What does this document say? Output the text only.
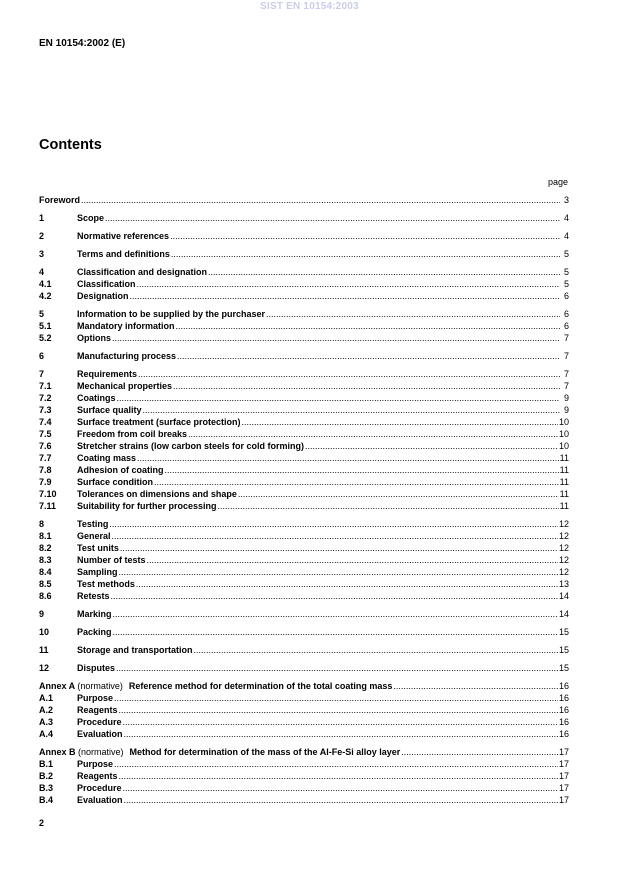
SIST EN 10154:2003
EN 10154:2002 (E)
Contents
page
Foreword .....	3
1	Scope .....	4
2	Normative references .....	4
3	Terms and definitions .....	5
4	Classification and designation .....	5
4.1	Classification .....	5
4.2	Designation .....	6
5	Information to be supplied by the purchaser .....	6
5.1	Mandatory information .....	6
5.2	Options .....	7
6	Manufacturing process .....	7
7	Requirements .....	7
7.1	Mechanical properties .....	7
7.2	Coatings .....	9
7.3	Surface quality .....	9
7.4	Surface treatment (surface protection) .....	10
7.5	Freedom from coil breaks .....	10
7.6	Stretcher strains (low carbon steels for cold forming) .....	10
7.7	Coating mass .....	11
7.8	Adhesion of coating .....	11
7.9	Surface condition .....	11
7.10	Tolerances on dimensions and shape .....	11
7.11	Suitability for further processing .....	11
8	Testing .....	12
8.1	General .....	12
8.2	Test units .....	12
8.3	Number of tests .....	12
8.4	Sampling .....	12
8.5	Test methods .....	13
8.6	Retests .....	14
9	Marking .....	14
10	Packing .....	15
11	Storage and transportation .....	15
12	Disputes .....	15
Annex A (normative) Reference method for determination of the total coating mass .....	16
A.1	Purpose .....	16
A.2	Reagents .....	16
A.3	Procedure .....	16
A.4	Evaluation .....	16
Annex B (normative) Method for determination of the mass of the Al-Fe-Si alloy layer .....	17
B.1	Purpose .....	17
B.2	Reagents .....	17
B.3	Procedure .....	17
B.4	Evaluation .....	17
2
